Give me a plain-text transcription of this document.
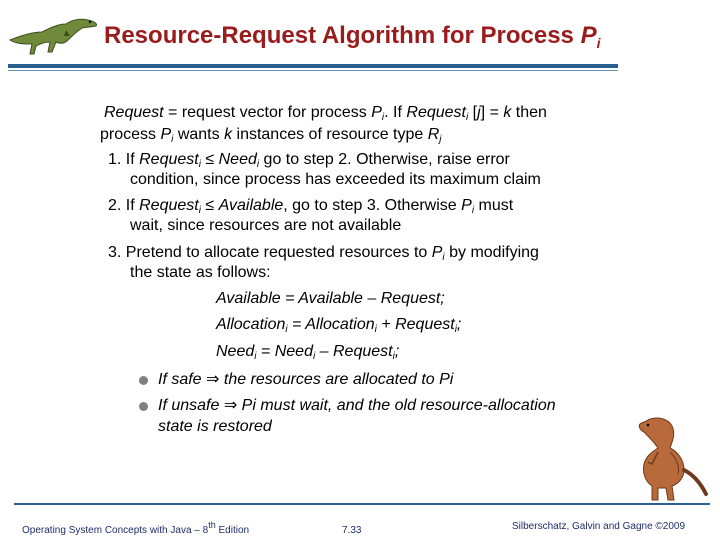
Resource-Request Algorithm for Process $P_i$
Request = request vector for process $P_i$. If Request$_i$ [j] = k then
process $P_i$ wants k instances of resource type $R_j$
1. If Request$_i$ ≤ Need$_i$ go to step 2. Otherwise, raise error
condition, since process has exceeded its maximum claim
2. If Request$_i$ ≤ Available, go to step 3. Otherwise $P_i$ must
wait, since resources are not available
3. Pretend to allocate requested resources to $P_i$ by modifying
the state as follows:
Available = Available – Request;
Allocation$_i$ = Allocation$_i$ + Request$_i$;
Need$_i$ = Need$_i$ – Request$_i$;
If safe ⇒ the resources are allocated to Pi
If unsafe ⇒ Pi must wait, and the old resource-allocation
state is restored
Operating System Concepts with Java – 8th Edition	7.33	Silberschatz, Galvin and Gagne ©2009
